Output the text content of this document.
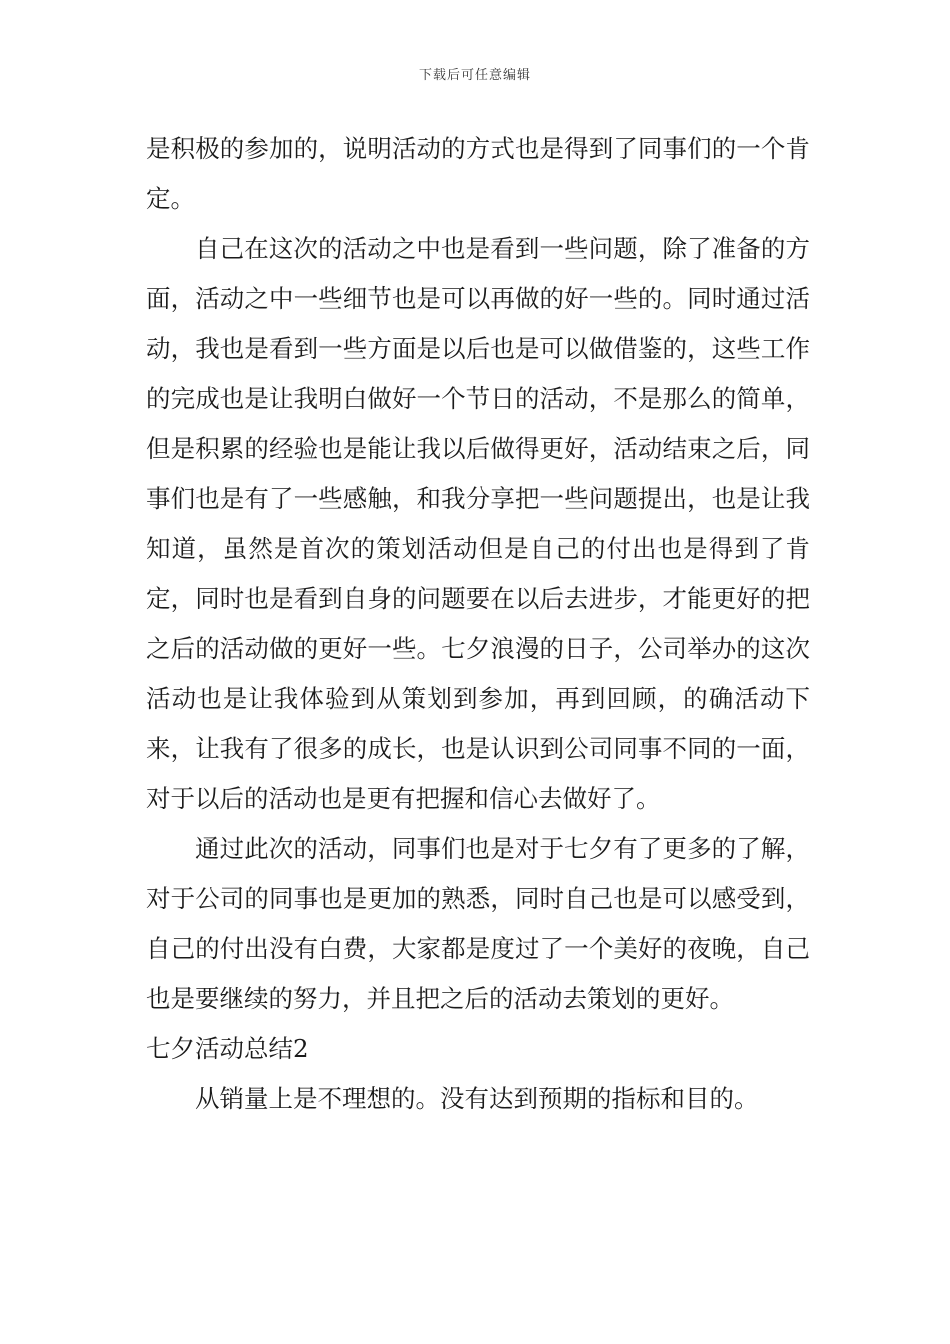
下载后可任意编辑

是积极的参加的，说明活动的方式也是得到了同事们的一个肯定。

自己在这次的活动之中也是看到一些问题，除了准备的方面，活动之中一些细节也是可以再做的好一些的。同时通过活动，我也是看到一些方面是以后也是可以做借鉴的，这些工作的完成也是让我明白做好一个节日的活动，不是那么的简单，但是积累的经验也是能让我以后做得更好，活动结束之后，同事们也是有了一些感触，和我分享把一些问题提出，也是让我知道，虽然是首次的策划活动但是自己的付出也是得到了肯定，同时也是看到自身的问题要在以后去进步，才能更好的把之后的活动做的更好一些。七夕浪漫的日子，公司举办的这次活动也是让我体验到从策划到参加，再到回顾，的确活动下来，让我有了很多的成长，也是认识到公司同事不同的一面，对于以后的活动也是更有把握和信心去做好了。

通过此次的活动，同事们也是对于七夕有了更多的了解，对于公司的同事也是更加的熟悉，同时自己也是可以感受到，自己的付出没有白费，大家都是度过了一个美好的夜晚，自己也是要继续的努力，并且把之后的活动去策划的更好。

七夕活动总结2

从销量上是不理想的。没有达到预期的指标和目的。
